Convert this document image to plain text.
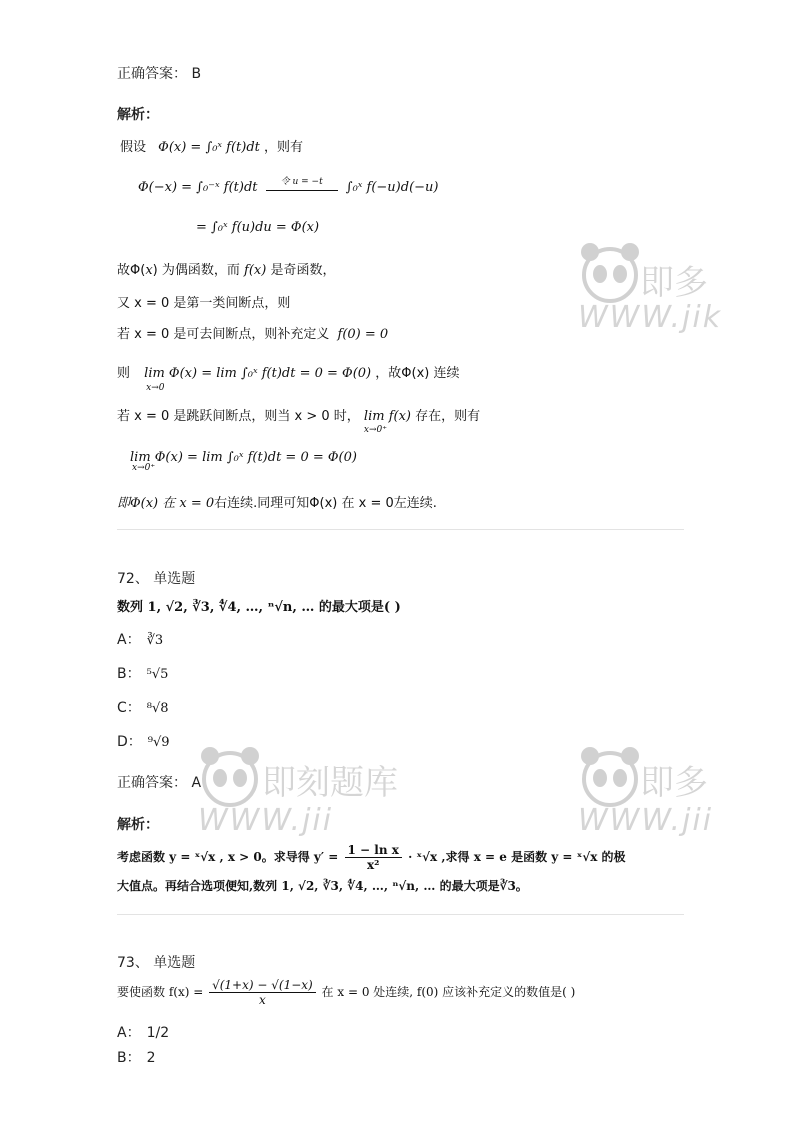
正确答案： B
解析：
假设 Φ(x) = ∫₀ˣ f(t)dt ，则有
Φ(−x) = ∫₀⁻ˣ f(t)dt	令 u = −t	∫₀ˣ f(−u)d(−u)
= ∫₀ˣ f(u)du = Φ(x)
故Φ(x) 为偶函数，而 f(x) 是奇函数，
又 x = 0 是第一类间断点，则
若 x = 0 是可去间断点，则补充定义 f(0) = 0
则 lim Φ(x) = lim ∫₀ˣ f(t)dt = 0 = Φ(0)
x→0
，故Φ(x) 连续
若 x = 0 是跳跃间断点，则当 x > 0 时， lim f(x)
x→0⁺
存在，则有
lim Φ(x) = lim ∫₀ˣ f(t)dt = 0 = Φ(0)
x→0⁺
即Φ(x) 在 x = 0右连续.同理可知Φ(x) 在 x = 0左连续.
72、 单选题
数列 1, √2, ∛3, ∜4, …, ⁿ√n, … 的最大项是( )
A： ∛3
B： ⁵√5
C： ⁸√8
D： ⁹√9
正确答案： A
解析：
考虑函数 y = ˣ√x , x > 0。求导得 $y' = \frac{\text{1 − ln x}}{\text{x²}}$ · ˣ√x ,求得 x = e 是函数 y = ˣ√x 的极
大值点。再结合选项便知,数列 1, √2, ∛3, ∜4, …, ⁿ√n, … 的最大项是∛3。
73、 单选题
要使函数 $f(x) = \frac{√(1+x) - √(1-x)}{x}$ 在 x = 0 处连续, f(0) 应该补充定义的数值是( )
A： 1/2
B： 2
即多
WWW.jik
即刻题库
WWW.jii
即多
WWW.jii
